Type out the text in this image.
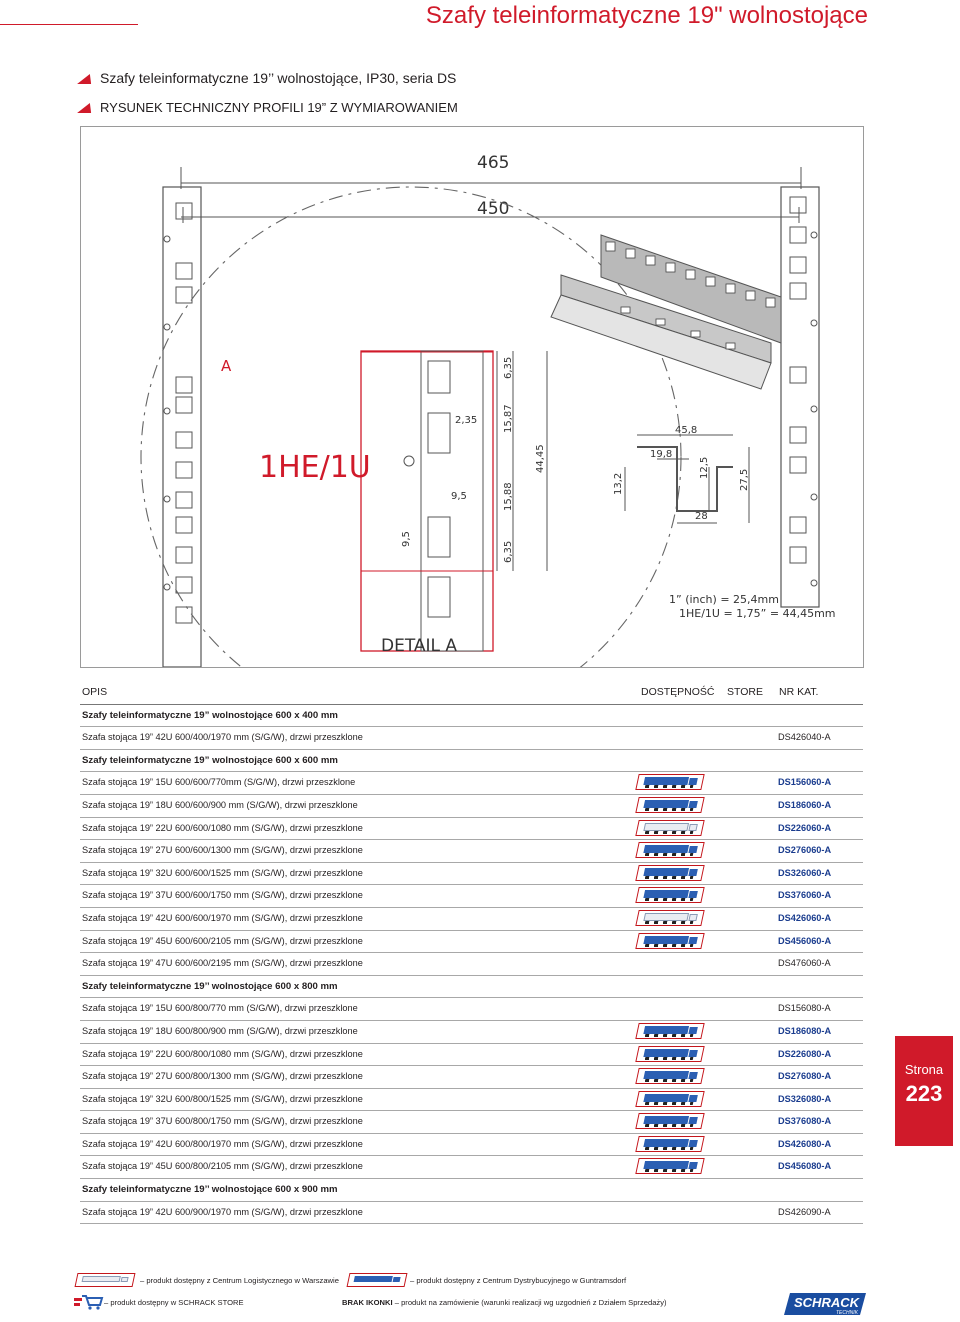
Szafy teleinformatyczne 19" wolnostojące
Szafy teleinformatyczne 19’’ wolnostojące, IP30, seria DS
RYSUNEK TECHNICZNY PROFILI 19” Z WYMIAROWANIEM
465
450
A
1HE/1U
DETAIL A
2,35
6,35
15,87
44,45
9,5	15,88
6,35
9,5
45,8
19,8
12,5
27,5
13,2
28
1” (inch) = 25,4mm
1HE/1U = 1,75” = 44,45mm
OPIS	DOSTĘPNOŚĆ STORE NR KAT.
Szafy teleinformatyczne 19” wolnostojące 600 x 400 mm
Szafa stojąca 19” 42U 600/400/1970 mm (S/G/W), drzwi przeszklone	DS426040-A
Szafy teleinformatyczne 19” wolnostojące 600 x 600 mm
Szafa stojąca 19” 15U 600/600/770mm (S/G/W), drzwi przeszklone	DS156060-A
Szafa stojąca 19” 18U 600/600/900 mm (S/G/W), drzwi przeszklone	DS186060-A
Szafa stojąca 19” 22U 600/600/1080 mm (S/G/W), drzwi przeszklone	DS226060-A
Szafa stojąca 19” 27U 600/600/1300 mm (S/G/W), drzwi przeszklone	DS276060-A
Szafa stojąca 19” 32U 600/600/1525 mm (S/G/W), drzwi przeszklone	DS326060-A
Szafa stojąca 19” 37U 600/600/1750 mm (S/G/W), drzwi przeszklone	DS376060-A
Szafa stojąca 19” 42U 600/600/1970 mm (S/G/W), drzwi przeszklone	DS426060-A
Szafa stojąca 19” 45U 600/600/2105 mm (S/G/W), drzwi przeszklone	DS456060-A
Szafa stojąca 19” 47U 600/600/2195 mm (S/G/W), drzwi przeszklone	DS476060-A
Szafy teleinformatyczne 19’’ wolnostojące 600 x 800 mm
Szafa stojąca 19” 15U 600/800/770 mm (S/G/W), drzwi przeszklone	DS156080-A
Szafa stojąca 19” 18U 600/800/900 mm (S/G/W), drzwi przeszklone	DS186080-A
Szafa stojąca 19” 22U 600/800/1080 mm (S/G/W), drzwi przeszklone	DS226080-A
Szafa stojąca 19” 27U 600/800/1300 mm (S/G/W), drzwi przeszklone	DS276080-A
Szafa stojąca 19” 32U 600/800/1525 mm (S/G/W), drzwi przeszklone	DS326080-A
Szafa stojąca 19” 37U 600/800/1750 mm (S/G/W), drzwi przeszklone	DS376080-A
Szafa stojąca 19” 42U 600/800/1970 mm (S/G/W), drzwi przeszklone	DS426080-A
Szafa stojąca 19” 45U 600/800/2105 mm (S/G/W), drzwi przeszklone	DS456080-A
Szafy teleinformatyczne 19’’ wolnostojące 600 x 900 mm
Szafa stojąca 19” 42U 600/900/1970 mm (S/G/W), drzwi przeszklone	DS426090-A
Strona
223
– produkt dostępny z Centrum Logistycznego w Warszawie	– produkt dostępny z Centrum Dystrybucyjnego w Guntramsdorf
– produkt dostępny w SCHRACK STORE	BRAK IKONKI – produkt na zamówienie (warunki realizacji wg uzgodnień z Działem Sprzedaży)	SCHRACK
TECHNIK
